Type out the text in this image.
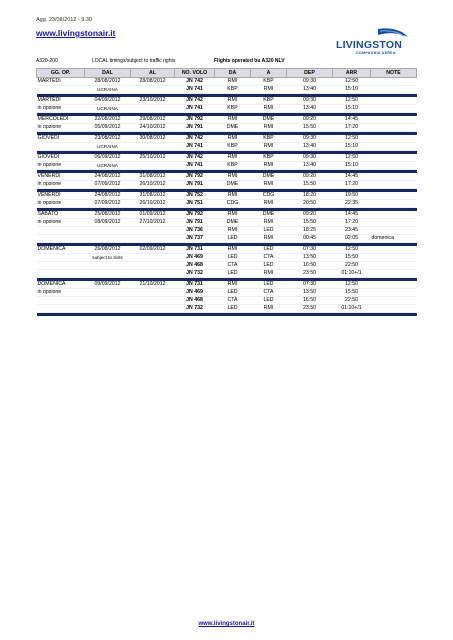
Agg. 23/08/2012 - 9.30
www.livingstonair.it
LIVINGSTON
COMPAGNIA AEREA
A320-200	LOCAL timings/subject to traffic rights	Flights operated bu A320 NLV
GG. OP.	DAL	AL	NO. VOLO	DA	A	DEP	ARR	NOTE
MARTEDI	28/08/2012	28/08/2012	JN 742	RMI	KBP	09:30	12:50	
	UCRAINA		JN 741	KBP	RMI	13:40	15:10	

MARTEDI	04/09/2012	23/10/2012	JN 742	RMI	KBP	09:30	12:50	
in opzione	UCRAINA		JN 741	KBP	RMI	13:40	15:10	

MERCOLEDI	22/08/2012	29/08/2012	JN 792	RMI	DME	09:20	14:45	
in opzione	05/09/2012	24/10/2012	JN 791	DME	RMI	15:50	17:20	

GIOVEDI	23/08/2012	30/08/2012	JN 742	RMI	KBP	09:30	12:50	
	UCRAINA		JN 741	KBP	RMI	13:40	15:10	

GIOVEDI	06/09/2012	25/10/2012	JN 742	RMI	KBP	09:30	12:50	
in opzione	UCRAINA		JN 741	KBP	RMI	13:40	15:10	

VENERDI	24/08/2012	31/08/2012	JN 792	RMI	DME	09:20	14:45	
in opzione	07/09/2012	26/10/2012	JN 791	DME	RMI	15:50	17:20	

VENERDI	24/08/2012	31/08/2012	JN 752	RMI	CDG	18:20	19:50	
in opzione	07/09/2012	26/10/2012	JN 751	CDG	RMI	20:50	22:35	

SABATO	25/08/2012	01/09/2012	JN 792	RMI	DME	09:20	14:45	
in opzione	08/09/2012	27/10/2012	JN 791	DME	RMI	15:50	17:20	
			JN 736	RMI	LED	18:25	23:45	
			JN 737	LED	RMI	00:45	02:05	domenica

DOMENICA	26/08/2012	02/09/2012	JN 731	RMI	LED	07:30	12:50	
	subject to slots		JN 469	LED	CTA	13:50	15:50	
			JN 468	CTA	LED	16:50	22:50	
			JN 732	LED	RMI	23:50	01:10+/1	

DOMENICA	09/09/2012	21/10/2012	JN 731	RMI	LED	07:30	12:50	
in opzione			JN 469	LED	CTA	13:50	15:50	
			JN 468	CTA	LED	16:50	22:50	
			JN 732	LED	RMI	23:50	01:10+/1	

www.livingstonair.it
